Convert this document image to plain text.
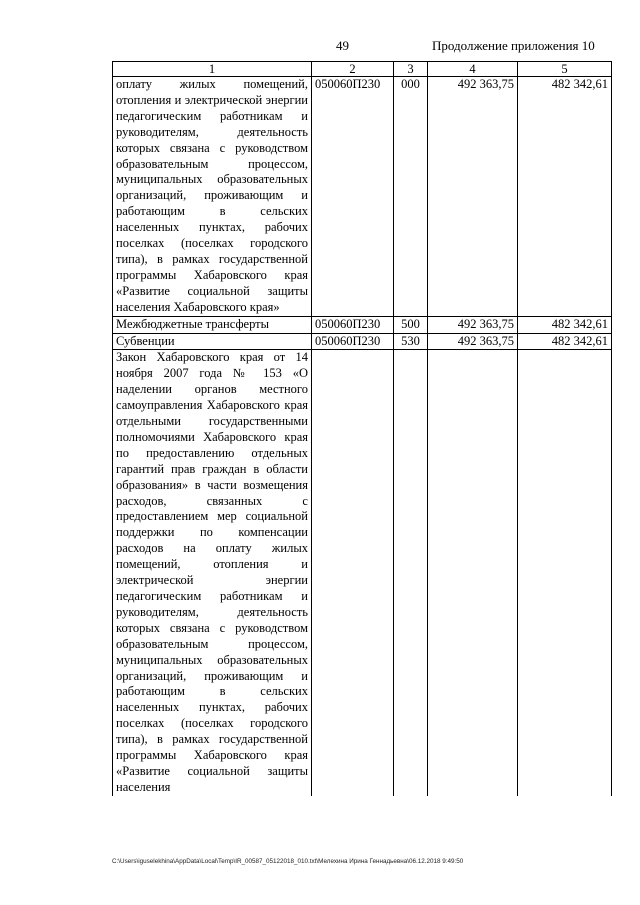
49	Продолжение приложения 10
1	2	3	4	5
оплату жилых помещений, отопления и электрической энергии педагогическим работникам и руководителям, деятельность которых связана с руководством образовательным процессом, муниципальных образовательных организаций, проживающим и работающим в сельских населенных пунктах, рабочих поселках (поселках городского типа), в рамках государственной программы Хабаровского края «Развитие социальной защиты населения Хабаровского края»	050060П230	000	492 363,75	482 342,61
Межбюджетные трансферты	050060П230	500	492 363,75	482 342,61
Субвенции	050060П230	530	492 363,75	482 342,61
Закон Хабаровского края от 14 ноября 2007 года № 153 «О наделении органов местного самоуправления Хабаровского края отдельными государственными полномочиями Хабаровского края по предоставлению отдельных гарантий прав граждан в области образования» в части возмещения расходов, связанных с предоставлением мер социальной поддержки по компенсации расходов на оплату жилых помещений, отопления и электрической энергии педагогическим работникам и руководителям, деятельность которых связана с руководством образовательным процессом, муниципальных образовательных организаций, проживающим и работающим в сельских населенных пунктах, рабочих поселках (поселках городского типа), в рамках государственной программы Хабаровского края «Развитие социальной защиты населения				
C:\Users\iguselekhina\AppData\Local\Temp\IR_00587_05122018_010.txt\Мелехина Ирина Геннадьевна\06.12.2018 9:49:50
